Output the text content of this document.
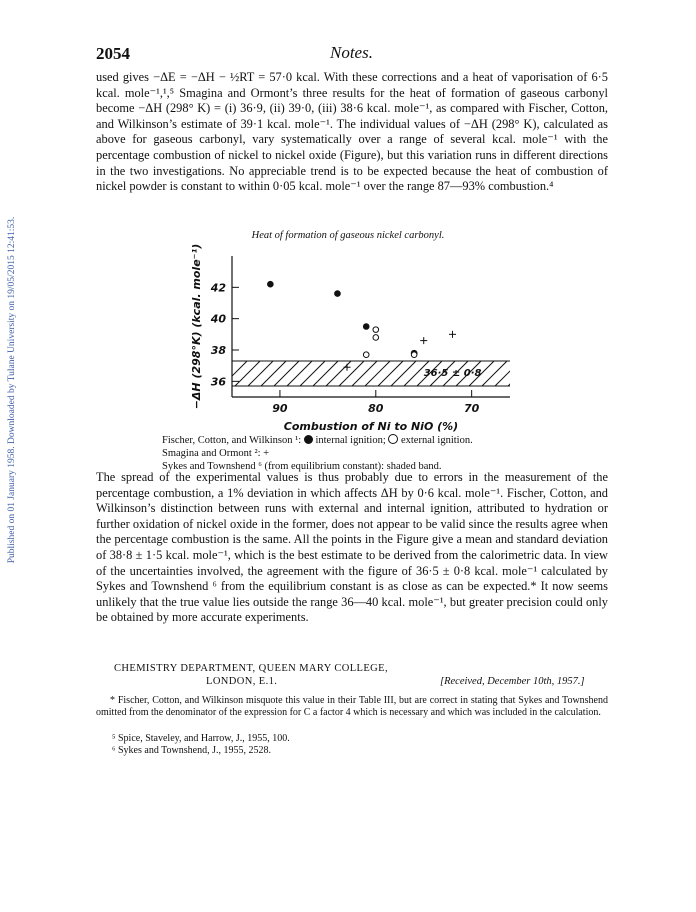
Published on 01 January 1958. Downloaded by Tulane University on 19/05/2015 12:41:53.
2054	Notes.

used gives −ΔE = −ΔH − ½RT = 57·0 kcal. With these corrections and a heat of vaporisation of 6·5 kcal. mole⁻¹,¹,⁵ Smagina and Ormont’s three results for the heat of formation of gaseous carbonyl become −ΔH (298° K) = (i) 36·9, (ii) 39·0, (iii) 38·6 kcal. mole⁻¹, as compared with Fischer, Cotton, and Wilkinson’s estimate of 39·1 kcal. mole⁻¹. The individual values of −ΔH (298° K), calculated as above for gaseous carbonyl, vary systematically over a range of several kcal. mole⁻¹ with the percentage combustion of nickel to nickel oxide (Figure), but this variation runs in different directions in the two investigations. No appreciable trend is to be expected because the heat of combustion of nickel powder is constant to within 0·05 kcal. mole⁻¹ over the range 87—93% combustion.⁴

Heat of formation of gaseous nickel carbonyl.
36
38
40
42
90	80	70
36·5 ± 0·8
Combustion of Ni to NiO (%)
−ΔH (298°K) (kcal. mole⁻¹)
Fischer, Cotton, and Wilkinson ¹: internal ignition; external ignition.
Smagina and Ormont ²: +
Sykes and Townshend ⁶ (from equilibrium constant): shaded band.

The spread of the experimental values is thus probably due to errors in the measurement of the percentage combustion, a 1% deviation in which affects ΔH by 0·6 kcal. mole⁻¹. Fischer, Cotton, and Wilkinson’s distinction between runs with external and internal ignition, attributed to hydration or further oxidation of nickel oxide in the former, does not appear to be valid since the results agree when the percentage combustion is the same. All the points in the Figure give a mean and standard deviation of 38·8 ± 1·5 kcal. mole⁻¹, which is the best estimate to be derived from the calorimetric data. In view of the uncertainties involved, the agreement with the figure of 36·5 ± 0·8 kcal. mole⁻¹ calculated by Sykes and Townshend ⁶ from the equilibrium constant is as close as can be expected.* It now seems unlikely that the true value lies outside the range 36—40 kcal. mole⁻¹, but greater precision could only be obtained by more accurate experiments.

CHEMISTRY DEPARTMENT, QUEEN MARY COLLEGE,
LONDON, E.1.	[Received, December 10th, 1957.]

* Fischer, Cotton, and Wilkinson misquote this value in their Table III, but are correct in stating that Sykes and Townshend omitted from the denominator of the expression for C a factor 4 which is necessary and which was included in the calculation.

⁵ Spice, Staveley, and Harrow, J., 1955, 100.

⁶ Sykes and Townshend, J., 1955, 2528.
